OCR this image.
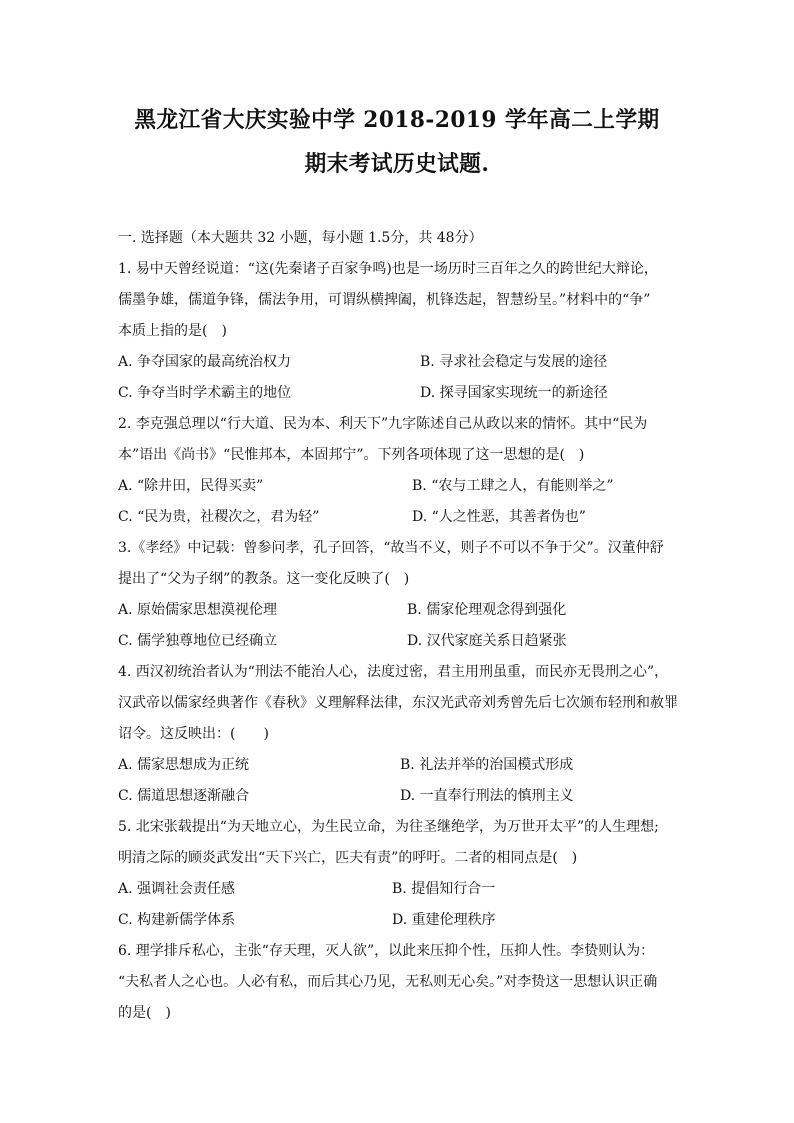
黑龙江省大庆实验中学 2018-2019 学年高二上学期
期末考试历史试题.
一. 选择题（本大题共 32 小题，每小题 1.5分，共 48分）
1. 易中天曾经说道：“这(先秦诸子百家争鸣)也是一场历时三百年之久的跨世纪大辩论，
儒墨争雄，儒道争锋，儒法争用，可谓纵横捭阖，机锋迭起，智慧纷呈。”材料中的“争”
本质上指的是(　)
A. 争夺国家的最高统治权力	B. 寻求社会稳定与发展的途径
C. 争夺当时学术霸主的地位	D. 探寻国家实现统一的新途径
2. 李克强总理以“行大道、民为本、利天下”九字陈述自己从政以来的情怀。其中“民为
本”语出《尚书》“民惟邦本，本固邦宁”。下列各项体现了这一思想的是(　)
A. “除井田，民得买卖”	B. “农与工肆之人，有能则举之”
C. “民为贵，社稷次之，君为轻”	D. “人之性恶，其善者伪也”
3.《孝经》中记载：曾参问孝，孔子回答，“故当不义，则子不可以不争于父”。汉董仲舒
提出了“父为子纲”的教条。这一变化反映了(　)
A. 原始儒家思想漠视伦理	B. 儒家伦理观念得到强化
C. 儒学独尊地位已经确立	D. 汉代家庭关系日趋紧张
4. 西汉初统治者认为“刑法不能治人心，法度过密，君主用刑虽重，而民亦无畏刑之心”，
汉武帝以儒家经典著作《春秋》义理解释法律，东汉光武帝刘秀曾先后七次颁布轻刑和赦罪
诏令。这反映出：(　　)
A. 儒家思想成为正统	B. 礼法并举的治国模式形成
C. 儒道思想逐渐融合	D. 一直奉行刑法的慎刑主义
5. 北宋张载提出“为天地立心，为生民立命，为往圣继绝学，为万世开太平”的人生理想;
明清之际的顾炎武发出“天下兴亡，匹夫有责”的呼吁。二者的相同点是(　)
A. 强调社会责任感	B. 提倡知行合一
C. 构建新儒学体系	D. 重建伦理秩序
6. 理学排斥私心，主张“存天理，灭人欲”，以此来压抑个性，压抑人性。李贽则认为：
“夫私者人之心也。人必有私，而后其心乃见，无私则无心矣。”对李贽这一思想认识正确
的是(　)
